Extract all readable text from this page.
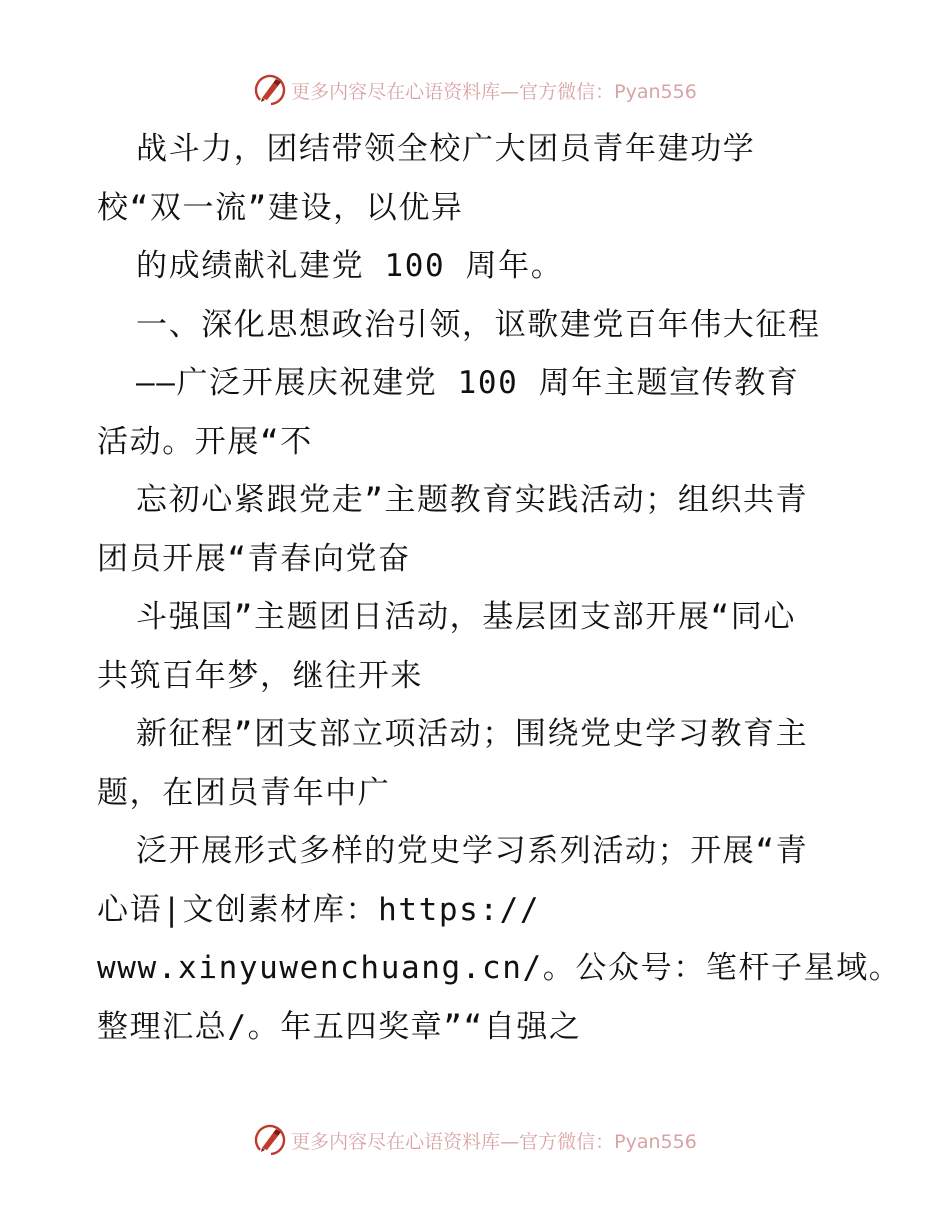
更多内容尽在心语资料库—官方微信：Pyan556
战斗力，团结带领全校广大团员青年建功学
校“双一流”建设，以优异
的成绩献礼建党 100 周年。
一、深化思想政治引领，讴歌建党百年伟大征程
——广泛开展庆祝建党 100 周年主题宣传教育
活动。开展“不
忘初心紧跟党走”主题教育实践活动；组织共青
团员开展“青春向党奋
斗强国”主题团日活动，基层团支部开展“同心
共筑百年梦，继往开来
新征程”团支部立项活动；围绕党史学习教育主
题，在团员青年中广
泛开展形式多样的党史学习系列活动；开展“青
心语|文创素材库：https://
www.xinyuwenchuang.cn/。公众号：笔杆子星域。
整理汇总/。年五四奖章”“自强之
更多内容尽在心语资料库—官方微信：Pyan556
